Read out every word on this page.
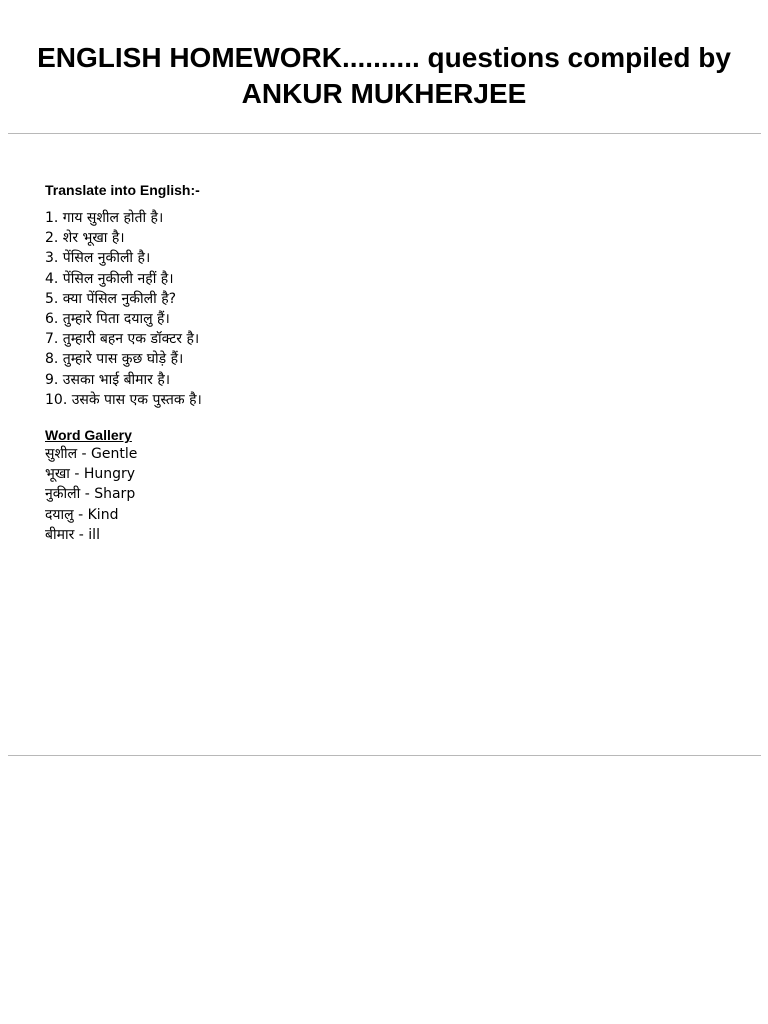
ENGLISH HOMEWORK.......... questions compiled by
ANKUR MUKHERJEE

Translate into English:-

1. गाय सुशील होती है।
2. शेर भूखा है।
3. पेंसिल नुकीली है।
4. पेंसिल नुकीली नहीं है।
5. क्या पेंसिल नुकीली है?
6. तुम्हारे पिता दयालु हैं।
7. तुम्हारी बहन एक डॉक्टर है।
8. तुम्हारे पास कुछ घोड़े हैं।
9. उसका भाई बीमार है।
10. उसके पास एक पुस्तक है।

Word Gallery

सुशील - Gentle
भूखा - Hungry
नुकीली - Sharp
दयालु - Kind
बीमार - ill
